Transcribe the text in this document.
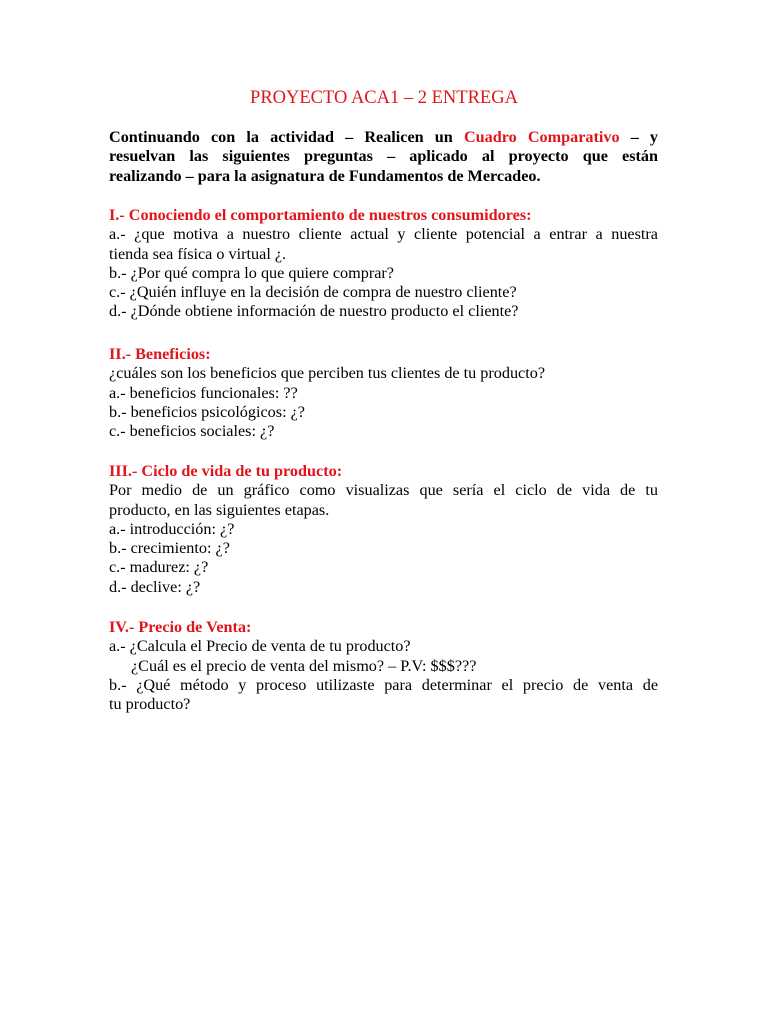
PROYECTO ACA1 – 2 ENTREGA
Continuando con la actividad – Realicen un Cuadro Comparativo – y
resuelvan las siguientes preguntas – aplicado al proyecto que están
realizando – para la asignatura de Fundamentos de Mercadeo.
I.- Conociendo el comportamiento de nuestros consumidores:
a.- ¿que motiva a nuestro cliente actual y cliente potencial a entrar a nuestra
tienda sea física o virtual ¿.
b.- ¿Por qué compra lo que quiere comprar?
c.- ¿Quién influye en la decisión de compra de nuestro cliente?
d.- ¿Dónde obtiene información de nuestro producto el cliente?
II.- Beneficios:
¿cuáles son los beneficios que perciben tus clientes de tu producto?
a.- beneficios funcionales: ??
b.- beneficios psicológicos: ¿?
c.- beneficios sociales: ¿?
III.- Ciclo de vida de tu producto:
Por medio de un gráfico como visualizas que sería el ciclo de vida de tu
producto, en las siguientes etapas.
a.- introducción: ¿?
b.- crecimiento: ¿?
c.- madurez: ¿?
d.- declive: ¿?
IV.- Precio de Venta:
a.- ¿Calcula el Precio de venta de tu producto?
¿Cuál es el precio de venta del mismo? – P.V: $$$???
b.- ¿Qué método y proceso utilizaste para determinar el precio de venta de
tu producto?
